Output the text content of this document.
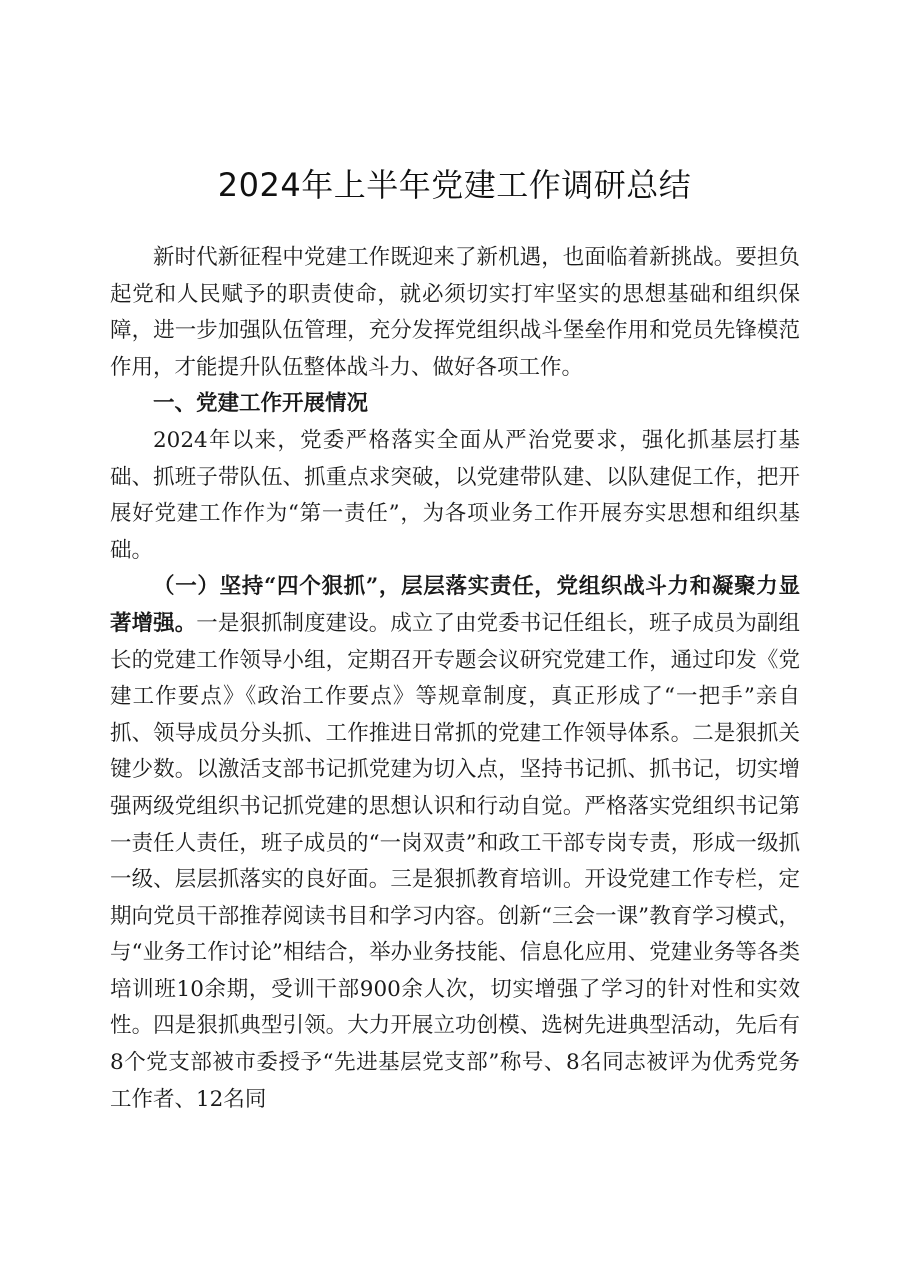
2024年上半年党建工作调研总结

新时代新征程中党建工作既迎来了新机遇，也面临着新挑战。要担负起党和人民赋予的职责使命，就必须切实打牢坚实的思想基础和组织保障，进一步加强队伍管理，充分发挥党组织战斗堡垒作用和党员先锋模范作用，才能提升队伍整体战斗力、做好各项工作。

一、党建工作开展情况

2024年以来，党委严格落实全面从严治党要求，强化抓基层打基础、抓班子带队伍、抓重点求突破，以党建带队建、以队建促工作，把开展好党建工作作为“第一责任”，为各项业务工作开展夯实思想和组织基础。

（一）坚持“四个狠抓”，层层落实责任，党组织战斗力和凝聚力显著增强。一是狠抓制度建设。成立了由党委书记任组长，班子成员为副组长的党建工作领导小组，定期召开专题会议研究党建工作，通过印发《党建工作要点》《政治工作要点》等规章制度，真正形成了“一把手”亲自抓、领导成员分头抓、工作推进日常抓的党建工作领导体系。二是狠抓关键少数。以激活支部书记抓党建为切入点，坚持书记抓、抓书记，切实增强两级党组织书记抓党建的思想认识和行动自觉。严格落实党组织书记第一责任人责任，班子成员的“一岗双责”和政工干部专岗专责，形成一级抓一级、层层抓落实的良好面。三是狠抓教育培训。开设党建工作专栏，定期向党员干部推荐阅读书目和学习内容。创新“三会一课”教育学习模式，与“业务工作讨论”相结合，举办业务技能、信息化应用、党建业务等各类培训班10余期，受训干部900余人次，切实增强了学习的针对性和实效性。四是狠抓典型引领。大力开展立功创模、选树先进典型活动，先后有8个党支部被市委授予“先进基层党支部”称号、8名同志被评为优秀党务工作者、12名同
